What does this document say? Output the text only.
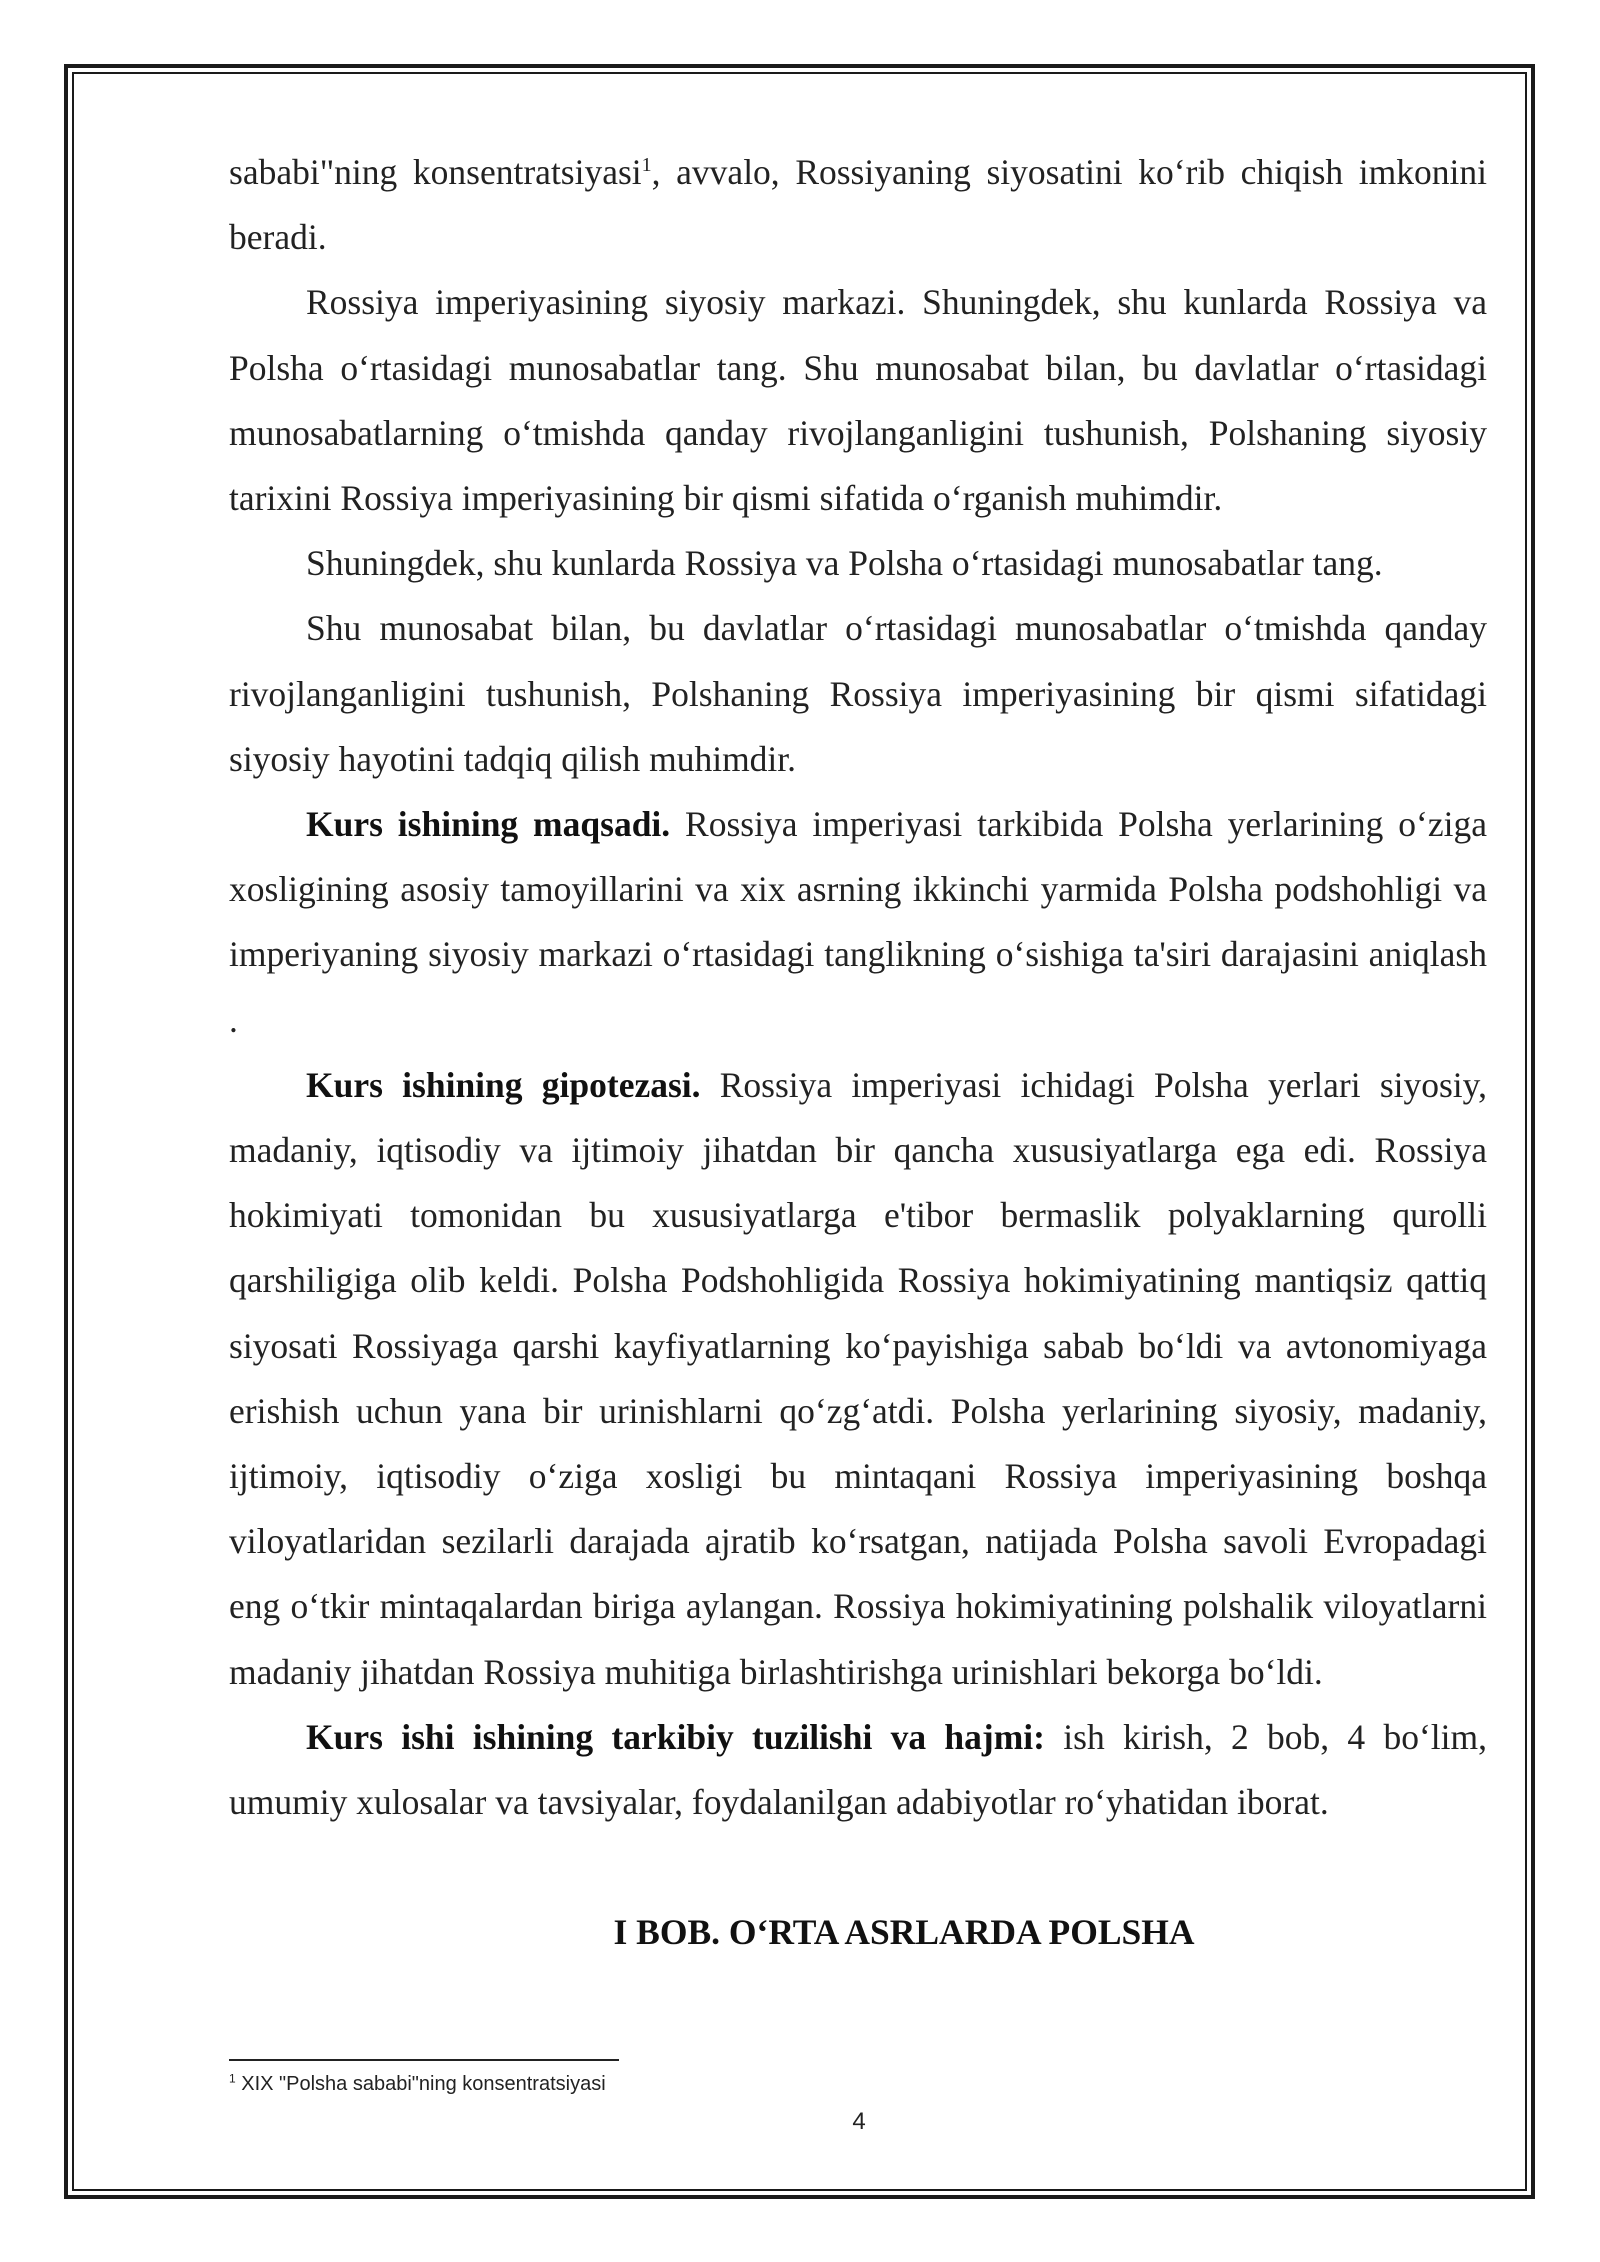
sababi"ning konsentratsiyasi$^1$, avvalo, Rossiyaning siyosatini ko‘rib chiqish imkonini beradi.

Rossiya imperiyasining siyosiy markazi. Shuningdek, shu kunlarda Rossiya va Polsha o‘rtasidagi munosabatlar tang. Shu munosabat bilan, bu davlatlar o‘rtasidagi munosabatlarning o‘tmishda qanday rivojlanganligini tushunish, Polshaning siyosiy tarixini Rossiya imperiyasining bir qismi sifatida o‘rganish muhimdir.

Shuningdek, shu kunlarda Rossiya va Polsha o‘rtasidagi munosabatlar tang.

Shu munosabat bilan, bu davlatlar o‘rtasidagi munosabatlar o‘tmishda qanday rivojlanganligini tushunish, Polshaning Rossiya imperiyasining bir qismi sifatidagi siyosiy hayotini tadqiq qilish muhimdir.

Kurs ishining maqsadi. Rossiya imperiyasi tarkibida Polsha yerlarining o‘ziga xosligining asosiy tamoyillarini va xix asrning ikkinchi yarmida Polsha podshohligi va imperiyaning siyosiy markazi o‘rtasidagi tanglikning o‘sishiga ta'siri darajasini aniqlash .

Kurs ishining gipotezasi. Rossiya imperiyasi ichidagi Polsha yerlari siyosiy, madaniy, iqtisodiy va ijtimoiy jihatdan bir qancha xususiyatlarga ega edi. Rossiya hokimiyati tomonidan bu xususiyatlarga e'tibor bermaslik polyaklarning qurolli qarshiligiga olib keldi. Polsha Podshohligida Rossiya hokimiyatining mantiqsiz qattiq siyosati Rossiyaga qarshi kayfiyatlarning ko‘payishiga sabab bo‘ldi va avtonomiyaga erishish uchun yana bir urinishlarni qo‘zg‘atdi. Polsha yerlarining siyosiy, madaniy, ijtimoiy, iqtisodiy o‘ziga xosligi bu mintaqani Rossiya imperiyasining boshqa viloyatlaridan sezilarli darajada ajratib ko‘rsatgan, natijada Polsha savoli Evropadagi eng o‘tkir mintaqalardan biriga aylangan. Rossiya hokimiyatining polshalik viloyatlarni madaniy jihatdan Rossiya muhitiga birlashtirishga urinishlari bekorga bo‘ldi.

Kurs ishi ishining tarkibiy tuzilishi va hajmi: ish kirish, 2 bob, 4 bo‘lim, umumiy xulosalar va tavsiyalar, foydalanilgan adabiyotlar ro‘yhatidan iborat.

I BOB. O‘RTA ASRLARDA POLSHA

$^1$ XIX "Polsha sababi"ning konsentratsiyasi
4
